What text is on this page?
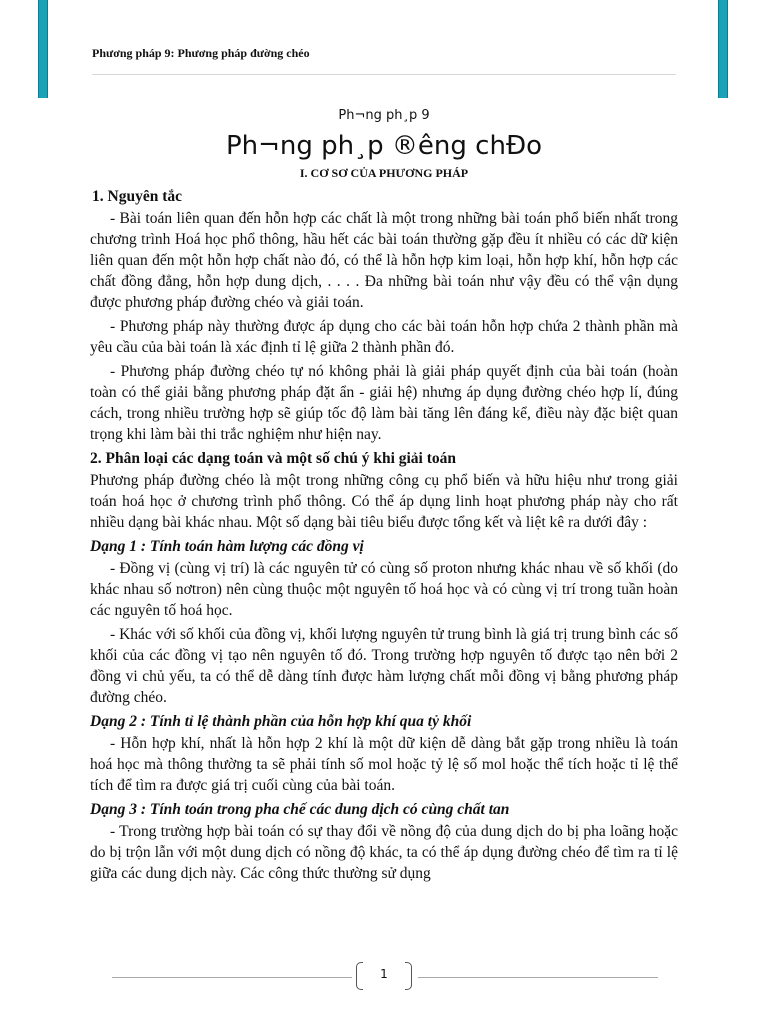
Phương pháp 9: Phương pháp đường chéo
Ph¬ng ph¸p 9
Ph¬ng ph¸p ®êng chÐo
I. CƠ SƠ CỦA PHƯƠNG PHÁP
1. Nguyên tắc

- Bài toán liên quan đến hỗn hợp các chất là một trong những bài toán phổ biến nhất trong chương trình Hoá học phổ thông, hầu hết các bài toán thường gặp đều ít nhiều có các dữ kiện liên quan đến một hỗn hợp chất nào đó, có thể là hỗn hợp kim loại, hỗn hợp khí, hỗn hợp các chất đồng đẳng, hỗn hợp dung dịch, . . . . Đa những bài toán như vậy đều có thể vận dụng được phương pháp đường chéo và giải toán.

- Phương pháp này thường được áp dụng cho các bài toán hỗn hợp chứa 2 thành phần mà yêu cầu của bài toán là xác định tỉ lệ giữa 2 thành phần đó.

- Phương pháp đường chéo tự nó không phải là giải pháp quyết định của bài toán (hoàn toàn có thể giải bằng phương pháp đặt ẩn - giải hệ) nhưng áp dụng đường chéo hợp lí, đúng cách, trong nhiều trường hợp sẽ giúp tốc độ làm bài tăng lên đáng kể, điều này đặc biệt quan trọng khi làm bài thi trắc nghiệm như hiện nay.

2. Phân loại các dạng toán và một số chú ý khi giải toán

Phương pháp đường chéo là một trong những công cụ phổ biến và hữu hiệu như trong giải toán hoá học ở chương trình phổ thông. Có thể áp dụng linh hoạt phương pháp này cho rất nhiều dạng bài khác nhau. Một số dạng bài tiêu biểu được tổng kết và liệt kê ra dưới đây :

Dạng 1 : Tính toán hàm lượng các đồng vị

- Đồng vị (cùng vị trí) là các nguyên tử có cùng số proton nhưng khác nhau về số khối (do khác nhau số nơtron) nên cùng thuộc một nguyên tố hoá học và có cùng vị trí trong tuần hoàn các nguyên tố hoá học.

- Khác với số khối của đồng vị, khối lượng nguyên tử trung bình là giá trị trung bình các số khối của các đồng vị tạo nên nguyên tố đó. Trong trường hợp nguyên tố được tạo nên bởi 2 đồng vi chủ yếu, ta có thể dễ dàng tính được hàm lượng chất mỗi đồng vị bằng phương pháp đường chéo.

Dạng 2 : Tính tỉ lệ thành phần của hỗn hợp khí qua tỷ khối

- Hỗn hợp khí, nhất là hỗn hợp 2 khí là một dữ kiện dễ dàng bắt gặp trong nhiều là toán hoá học mà thông thường ta sẽ phải tính số mol hoặc tỷ lệ số mol hoặc thể tích hoặc tỉ lệ thể tích để tìm ra được giá trị cuối cùng của bài toán.

Dạng 3 : Tính toán trong pha chế các dung dịch có cùng chất tan

- Trong trường hợp bài toán có sự thay đổi về nồng độ của dung dịch do bị pha loãng hoặc do bị trộn lẫn với một dung dịch có nồng độ khác, ta có thể áp dụng đường chéo để tìm ra tỉ lệ giữa các dung dịch này. Các công thức thường sử dụng

1
